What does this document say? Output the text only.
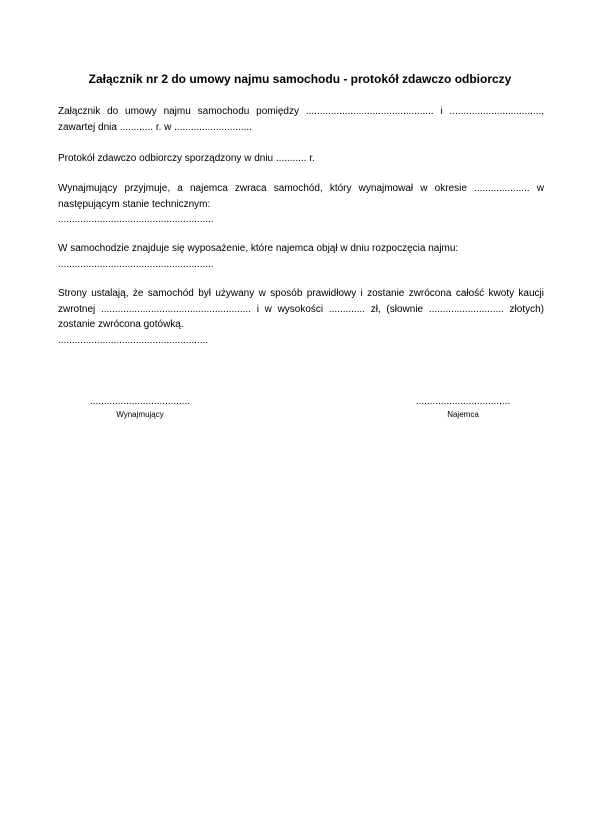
Załącznik nr 2 do umowy najmu samochodu - protokół zdawczo odbiorczy
Załącznik do umowy najmu samochodu pomiędzy .............................................. i .................................,
zawartej dnia ............ r. w ............................
Protokół zdawczo odbiorczy sporządzony w dniu ........... r.
Wynajmujący przyjmuje, a najemca zwraca samochód, który wynajmował w okresie .................... w
następującym stanie technicznym:
........................................................
W samochodzie znajduje się wyposażenie, które najemca objął w dniu rozpoczęcia najmu:
........................................................
Strony ustalają, że samochód był używany w sposób prawidłowy i zostanie zwrócona całość kwoty kaucji
zwrotnej ...................................................... i w wysokości ............. zł, (słownie ........................... złotych)
zostanie zwrócona gotówką.
......................................................
....................................
Wynajmujący
..................................
Najemca
